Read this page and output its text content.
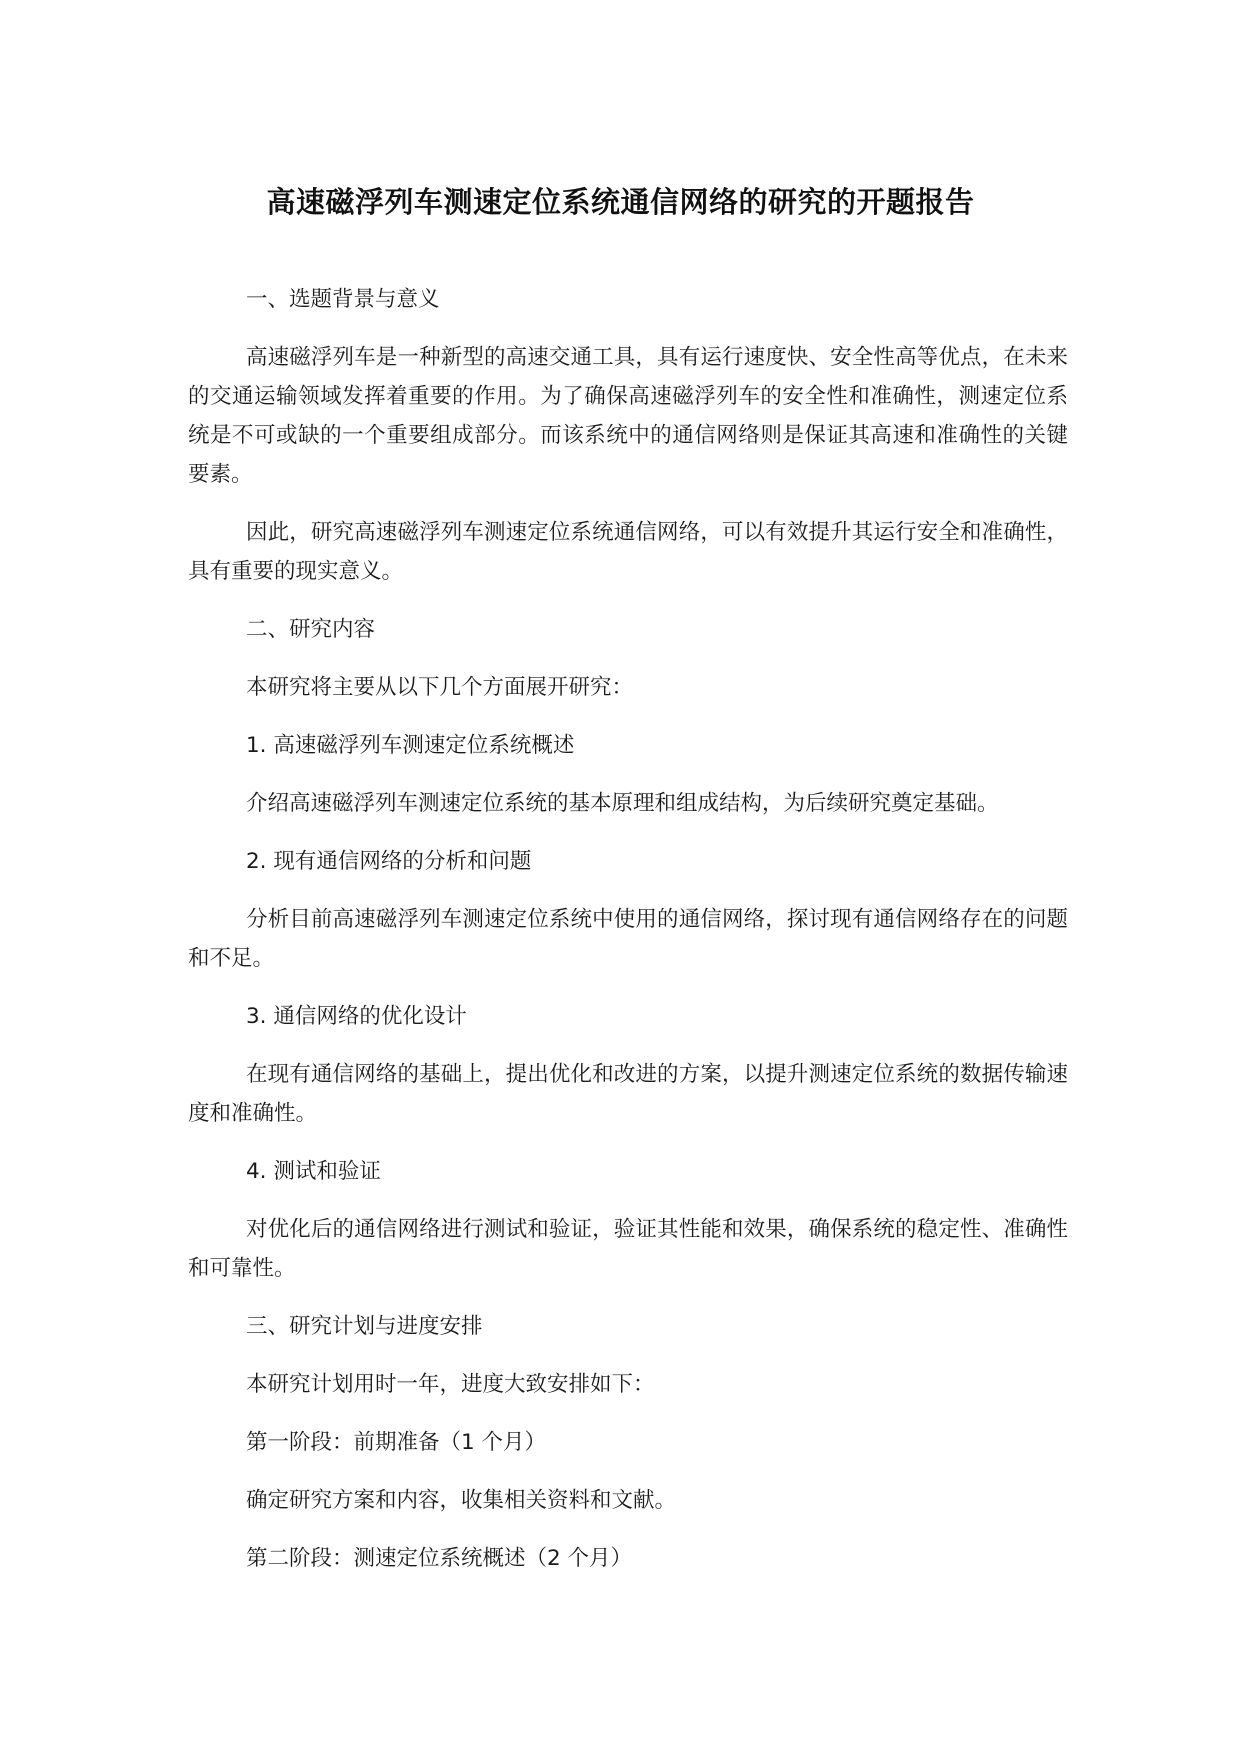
高速磁浮列车测速定位系统通信网络的研究的开题报告

一、选题背景与意义

高速磁浮列车是一种新型的高速交通工具，具有运行速度快、安全性高等优点，在未来的交通运输领域发挥着重要的作用。为了确保高速磁浮列车的安全性和准确性，测速定位系统是不可或缺的一个重要组成部分。而该系统中的通信网络则是保证其高速和准确性的关键要素。

因此，研究高速磁浮列车测速定位系统通信网络，可以有效提升其运行安全和准确性，具有重要的现实意义。

二、研究内容

本研究将主要从以下几个方面展开研究：

1. 高速磁浮列车测速定位系统概述

介绍高速磁浮列车测速定位系统的基本原理和组成结构，为后续研究奠定基础。

2. 现有通信网络的分析和问题

分析目前高速磁浮列车测速定位系统中使用的通信网络，探讨现有通信网络存在的问题和不足。

3. 通信网络的优化设计

在现有通信网络的基础上，提出优化和改进的方案，以提升测速定位系统的数据传输速度和准确性。

4. 测试和验证

对优化后的通信网络进行测试和验证，验证其性能和效果，确保系统的稳定性、准确性和可靠性。

三、研究计划与进度安排

本研究计划用时一年，进度大致安排如下：

第一阶段：前期准备（1 个月）

确定研究方案和内容，收集相关资料和文献。

第二阶段：测速定位系统概述（2 个月）
